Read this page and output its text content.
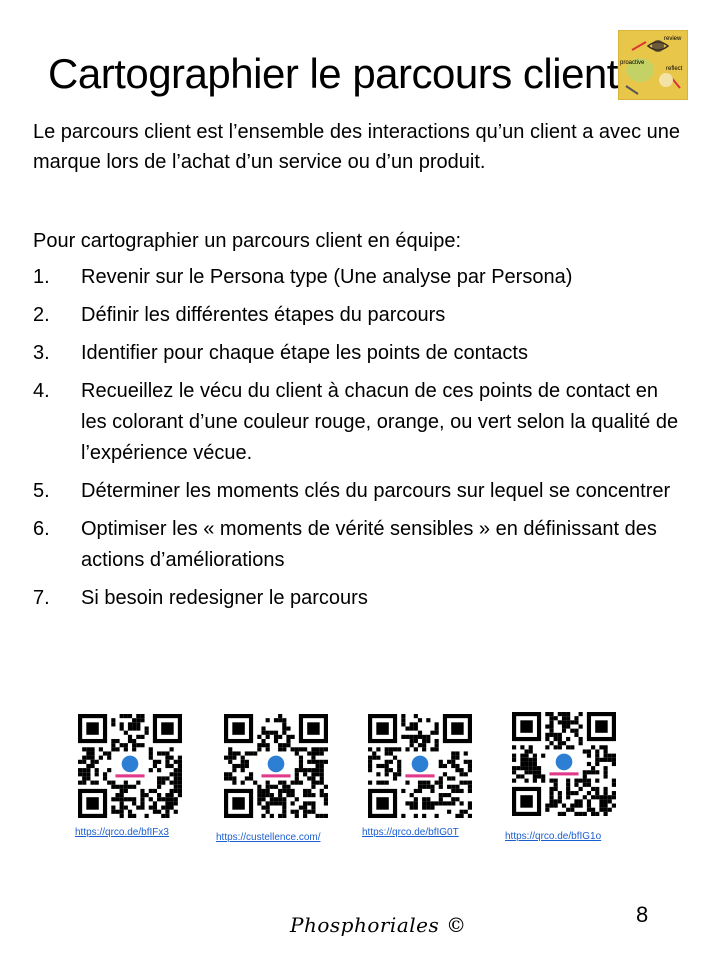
Cartographier le parcours client
review
proactive
reflect
Le parcours client est l’ensemble des interactions qu’un client a avec une marque lors de l’achat d’un service ou d’un produit.
Pour cartographier un parcours client en équipe:
1.	Revenir sur le Persona type (Une analyse par Persona)
2.	Définir les différentes étapes du parcours
3.	Identifier pour chaque étape les points de contacts
4.	Recueillez le vécu du client à chacun de ces points de contact en les colorant d’une couleur rouge, orange, ou vert selon la qualité de l’expérience vécue.
5.	Déterminer les moments clés du parcours sur lequel se concentrer
6.	Optimiser les « moments de vérité sensibles » en définissant des actions d’améliorations
7.	Si besoin redesigner le parcours
https://qrco.de/bfIFx3	https://custellence.com/	https://qrco.de/bfIG0T	https://qrco.de/bfIG1o
Phosphoriales ©	8
